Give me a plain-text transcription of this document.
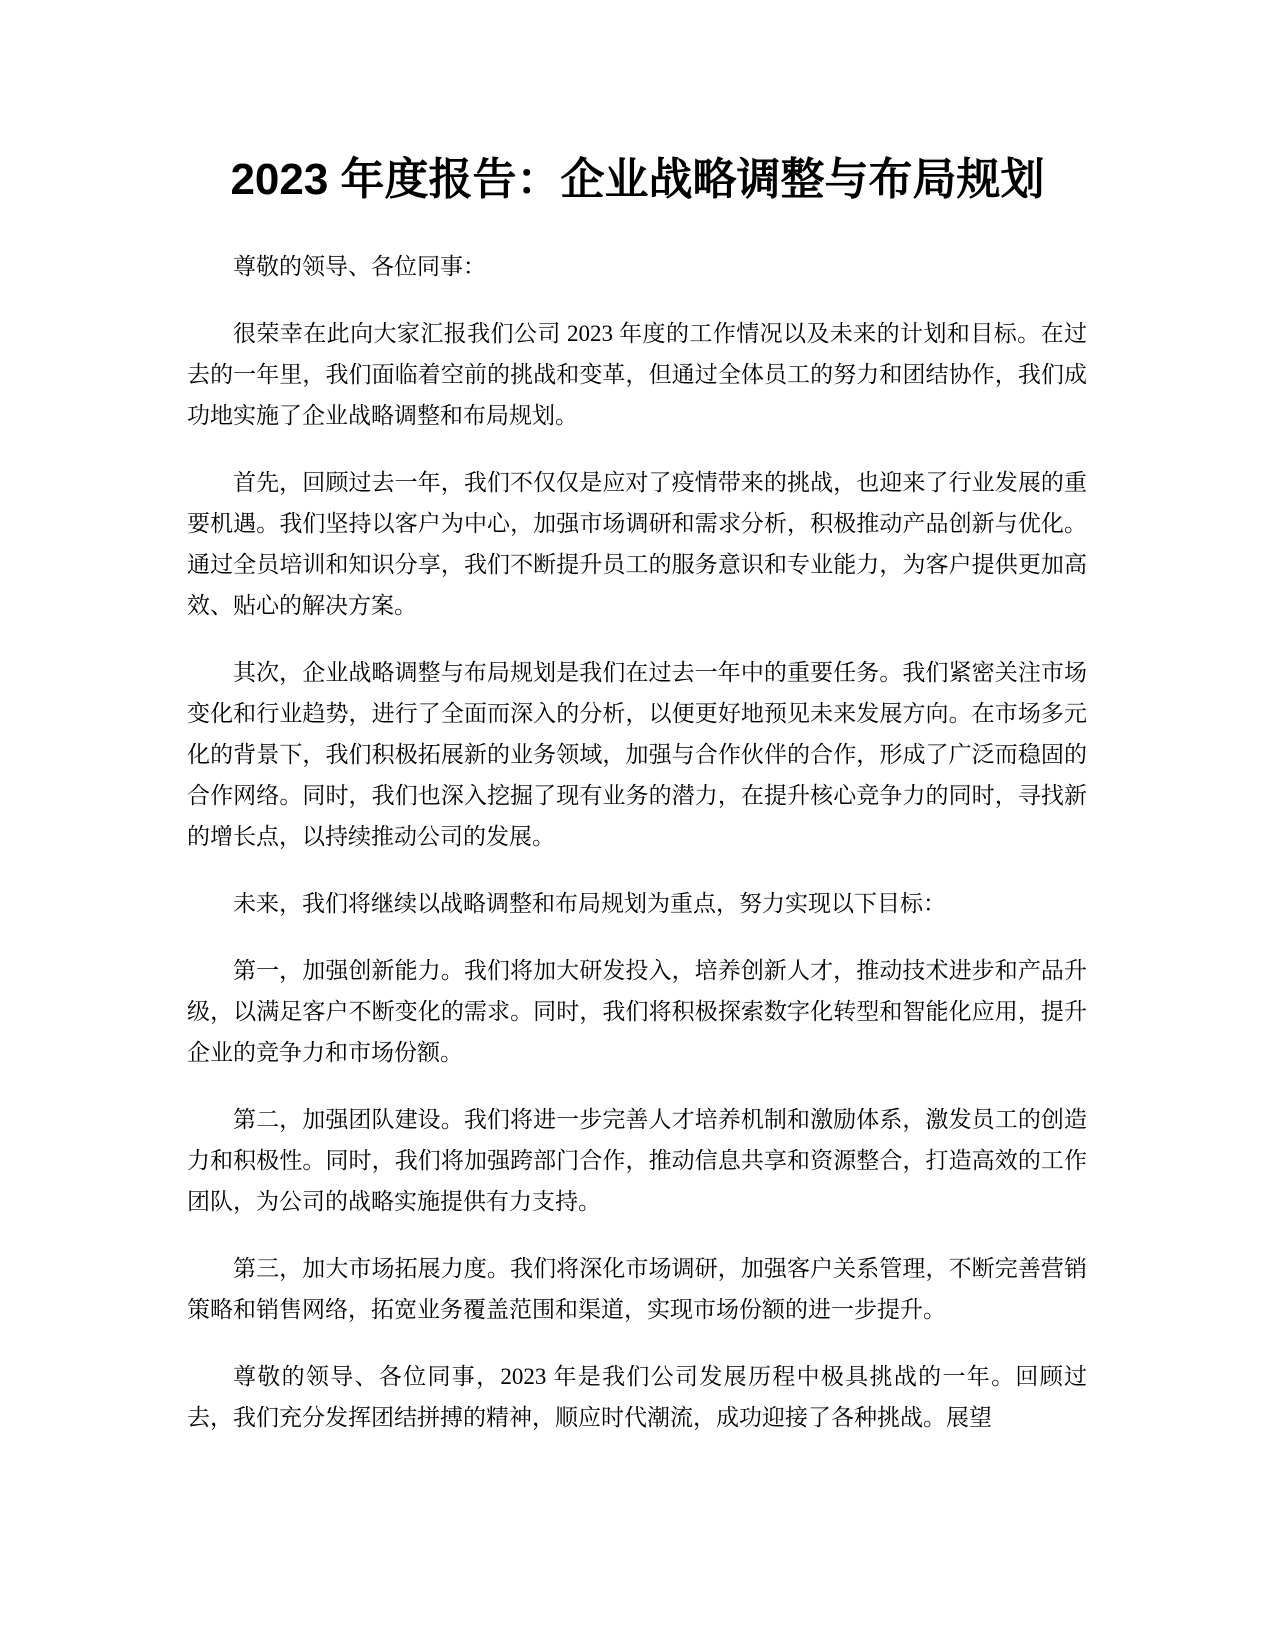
2023 年度报告：企业战略调整与布局规划

尊敬的领导、各位同事：

很荣幸在此向大家汇报我们公司 2023 年度的工作情况以及未来的计划和目标。在过去的一年里，我们面临着空前的挑战和变革，但通过全体员工的努力和团结协作，我们成功地实施了企业战略调整和布局规划。

首先，回顾过去一年，我们不仅仅是应对了疫情带来的挑战，也迎来了行业发展的重要机遇。我们坚持以客户为中心，加强市场调研和需求分析，积极推动产品创新与优化。通过全员培训和知识分享，我们不断提升员工的服务意识和专业能力，为客户提供更加高效、贴心的解决方案。

其次，企业战略调整与布局规划是我们在过去一年中的重要任务。我们紧密关注市场变化和行业趋势，进行了全面而深入的分析，以便更好地预见未来发展方向。在市场多元化的背景下，我们积极拓展新的业务领域，加强与合作伙伴的合作，形成了广泛而稳固的合作网络。同时，我们也深入挖掘了现有业务的潜力，在提升核心竞争力的同时，寻找新的增长点，以持续推动公司的发展。

未来，我们将继续以战略调整和布局规划为重点，努力实现以下目标：

第一，加强创新能力。我们将加大研发投入，培养创新人才，推动技术进步和产品升级，以满足客户不断变化的需求。同时，我们将积极探索数字化转型和智能化应用，提升企业的竞争力和市场份额。

第二，加强团队建设。我们将进一步完善人才培养机制和激励体系，激发员工的创造力和积极性。同时，我们将加强跨部门合作，推动信息共享和资源整合，打造高效的工作团队，为公司的战略实施提供有力支持。

第三，加大市场拓展力度。我们将深化市场调研，加强客户关系管理，不断完善营销策略和销售网络，拓宽业务覆盖范围和渠道，实现市场份额的进一步提升。

尊敬的领导、各位同事，2023 年是我们公司发展历程中极具挑战的一年。回顾过去，我们充分发挥团结拼搏的精神，顺应时代潮流，成功迎接了各种挑战。展望
